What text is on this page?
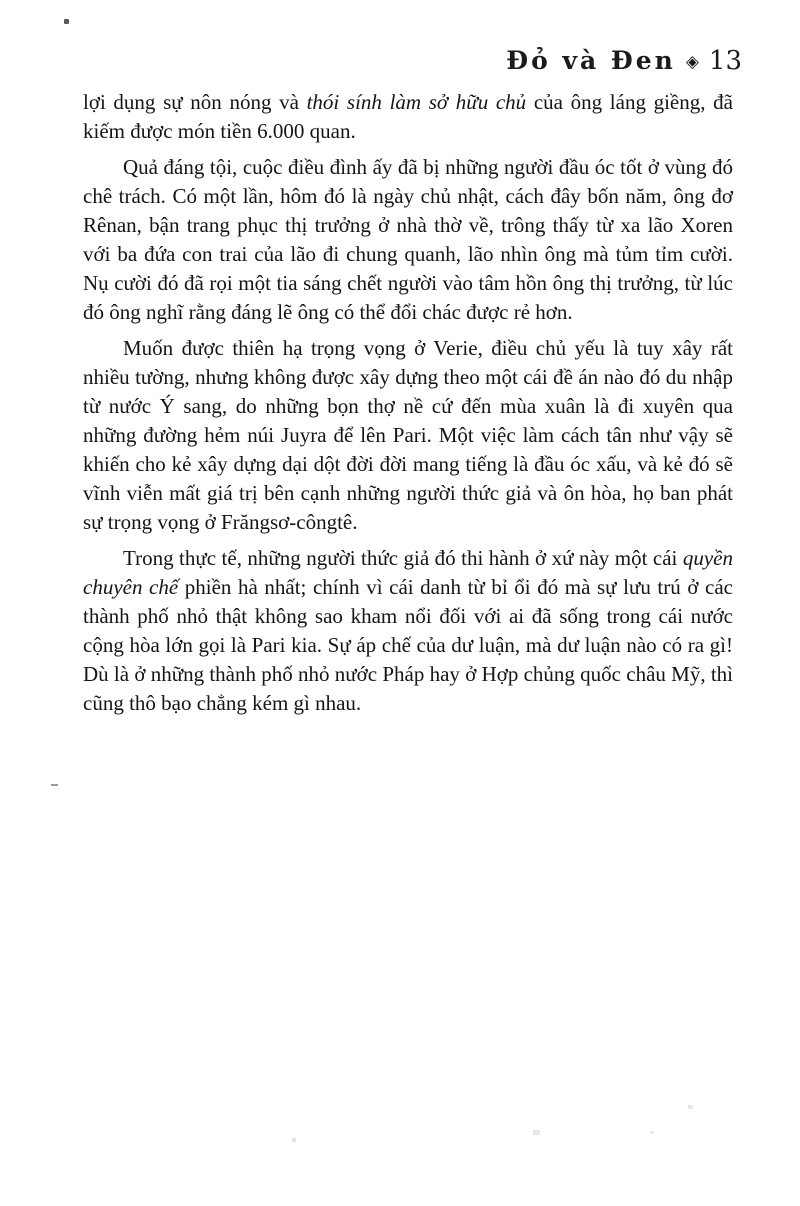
Đỏ và Đen ◈ 13

lợi dụng sự nôn nóng và thói sính làm sở hữu chủ của ông láng giềng, đã kiếm được món tiền 6.000 quan.

Quả đáng tội, cuộc điều đình ấy đã bị những người đầu óc tốt ở vùng đó chê trách. Có một lần, hôm đó là ngày chủ nhật, cách đây bốn năm, ông đơ Rênan, bận trang phục thị trưởng ở nhà thờ về, trông thấy từ xa lão Xoren với ba đứa con trai của lão đi chung quanh, lão nhìn ông mà tủm tỉm cười. Nụ cười đó đã rọi một tia sáng chết người vào tâm hồn ông thị trưởng, từ lúc đó ông nghĩ rằng đáng lẽ ông có thể đổi chác được rẻ hơn.

Muốn được thiên hạ trọng vọng ở Verie, điều chủ yếu là tuy xây rất nhiều tường, nhưng không được xây dựng theo một cái đề án nào đó du nhập từ nước Ý sang, do những bọn thợ nề cứ đến mùa xuân là đi xuyên qua những đường hẻm núi Juyra để lên Pari. Một việc làm cách tân như vậy sẽ khiến cho kẻ xây dựng dại dột đời đời mang tiếng là đầu óc xấu, và kẻ đó sẽ vĩnh viễn mất giá trị bên cạnh những người thức giả và ôn hòa, họ ban phát sự trọng vọng ở Frăngsơ-côngtê.

Trong thực tế, những người thức giả đó thi hành ở xứ này một cái quyền chuyên chế phiền hà nhất; chính vì cái danh từ bỉ ổi đó mà sự lưu trú ở các thành phố nhỏ thật không sao kham nổi đối với ai đã sống trong cái nước cộng hòa lớn gọi là Pari kia. Sự áp chế của dư luận, mà dư luận nào có ra gì! Dù là ở những thành phố nhỏ nước Pháp hay ở Hợp chủng quốc châu Mỹ, thì cũng thô bạo chẳng kém gì nhau.
